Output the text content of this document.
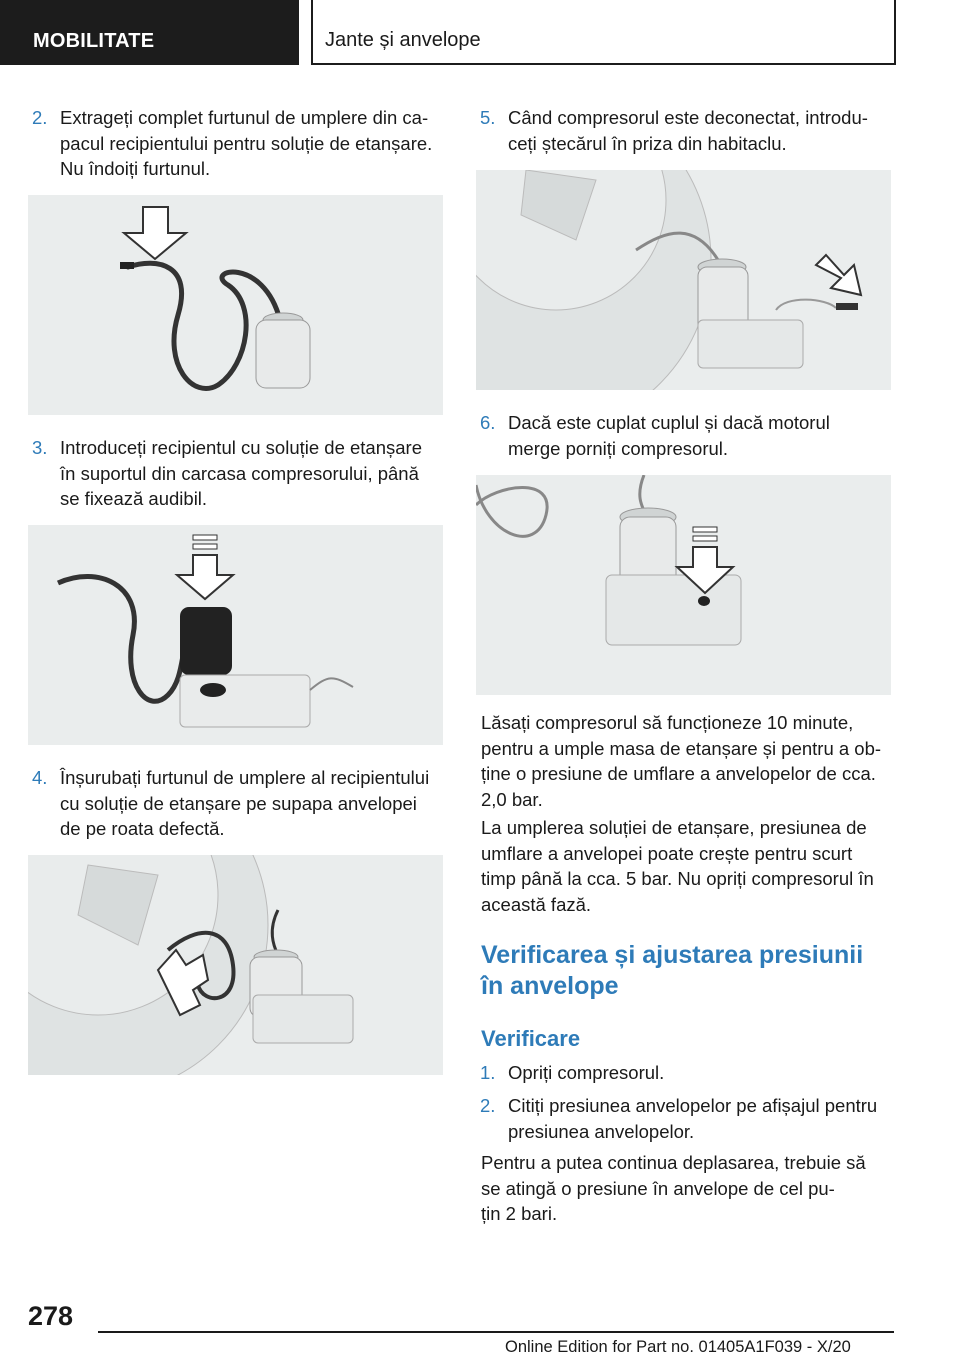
MOBILITATE	Jante și anvelope
2. Extrageți complet furtunul de umplere din ca-
pacul recipientului pentru soluție de etanșare.
Nu îndoiți furtunul.
3. Introduceți recipientul cu soluție de etanșare
în suportul din carcasa compresorului, până
se fixează audibil.
4. Înșurubați furtunul de umplere al recipientului
cu soluție de etanșare pe supapa anvelopei
de pe roata defectă.
5. Când compresorul este deconectat, introdu-
ceți ștecărul în priza din habitaclu.
6. Dacă este cuplat cuplul și dacă motorul
merge porniți compresorul.
Lăsați compresorul să funcționeze 10 minute,
pentru a umple masa de etanșare și pentru a ob-
ține o presiune de umflare a anvelopelor de cca.
2,0 bar.
La umplerea soluției de etanșare, presiunea de
umflare a anvelopei poate crește pentru scurt
timp până la cca. 5 bar. Nu opriți compresorul în
această fază.
Verificarea și ajustarea presiunii
în anvelope
Verificare
1. Opriți compresorul.
2. Citiți presiunea anvelopelor pe afișajul pentru
presiunea anvelopelor.
Pentru a putea continua deplasarea, trebuie să
se atingă o presiune în anvelope de cel pu-
țin 2 bari.
278
Online Edition for Part no. 01405A1F039 - X/20
